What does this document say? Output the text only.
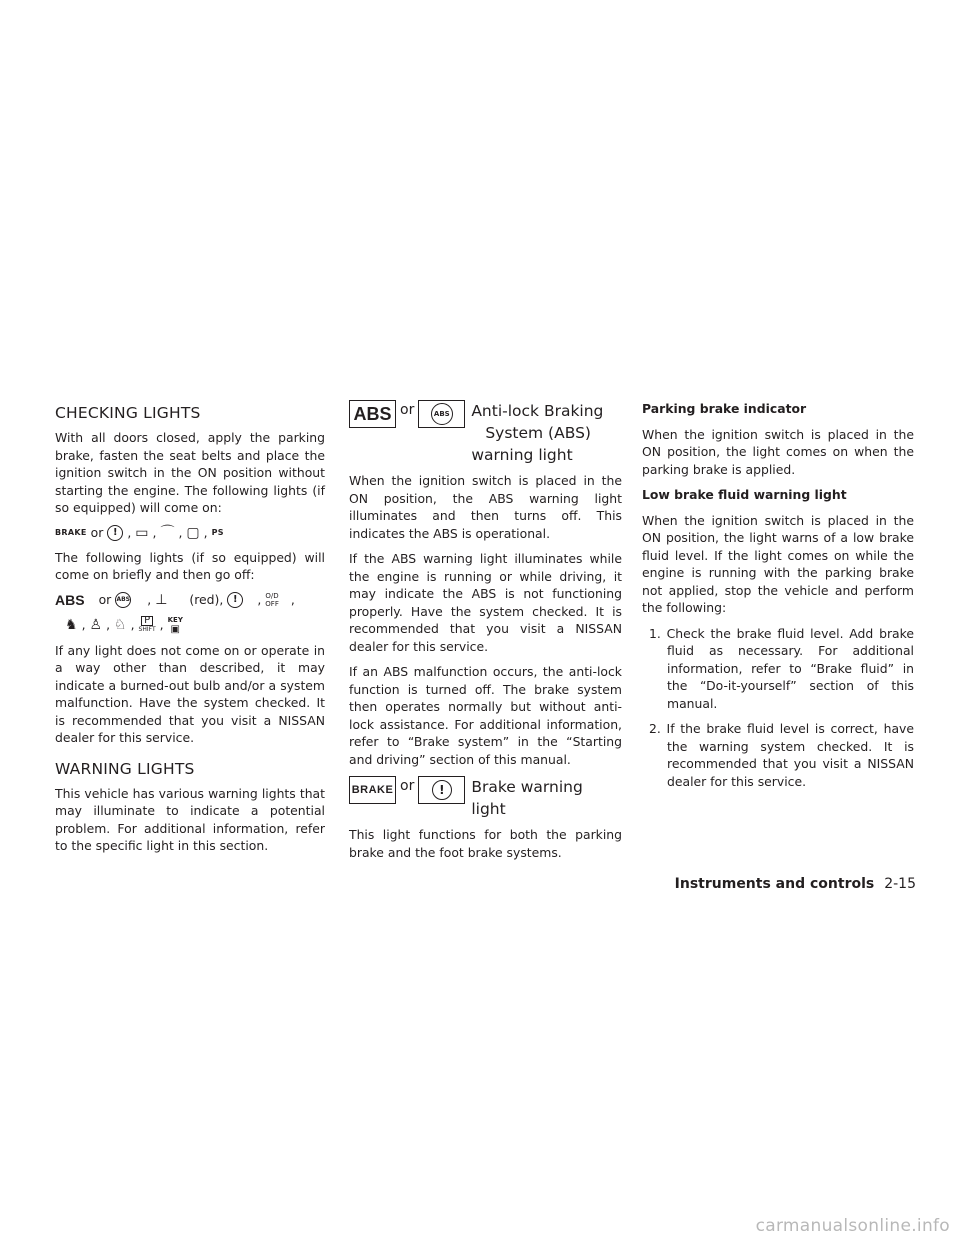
CHECKING LIGHTS

With all doors closed, apply the parking brake, fasten the seat belts and place the ignition switch in the ON position without starting the engine. The following lights (if so equipped) will come on:

BRAKE or ! , ▭ , ⌒ , ▢ , PS

The following lights (if so equipped) will come on briefly and then go off:

ABS or ABS , ⊥ (red), !	, O/D
OFF ,
♞ , ♙ , ♘ , P
SHIFT , KEY
▣

If any light does not come on or operate in a way other than described, it may indicate a burned-out bulb and/or a system malfunction. Have the system checked. It is recommended that you visit a NISSAN dealer for this service.

WARNING LIGHTS

This vehicle has various warning lights that may illuminate to indicate a potential problem. For additional information, refer to the specific light in this section.

ABS or	ABS Anti-lock Braking
System (ABS)
warning light

When the ignition switch is placed in the ON position, the ABS warning light illuminates and then turns off. This indicates the ABS is operational.

If the ABS warning light illuminates while the engine is running or while driving, it may indicate the ABS is not functioning properly. Have the system checked. It is recommended that you visit a NISSAN dealer for this service.

If an ABS malfunction occurs, the anti-lock function is turned off. The brake system then operates normally but without anti-lock assistance. For additional information, refer to “Brake system” in the “Starting and driving” section of this manual.

BRAKE or	!	Brake warning
light

This light functions for both the parking brake and the foot brake systems.

Parking brake indicator

When the ignition switch is placed in the ON position, the light comes on when the parking brake is applied.

Low brake fluid warning light

When the ignition switch is placed in the ON position, the light warns of a low brake fluid level. If the light comes on while the engine is running with the parking brake not applied, stop the vehicle and perform the following:

1. Check the brake fluid level. Add brake fluid as necessary. For additional information, refer to “Brake fluid” in the “Do-it-yourself” section of this manual.
2. If the brake fluid level is correct, have the warning system checked. It is recommended that you visit a NISSAN dealer for this service.
Instruments and controls 2-15
carmanualsonline.info
